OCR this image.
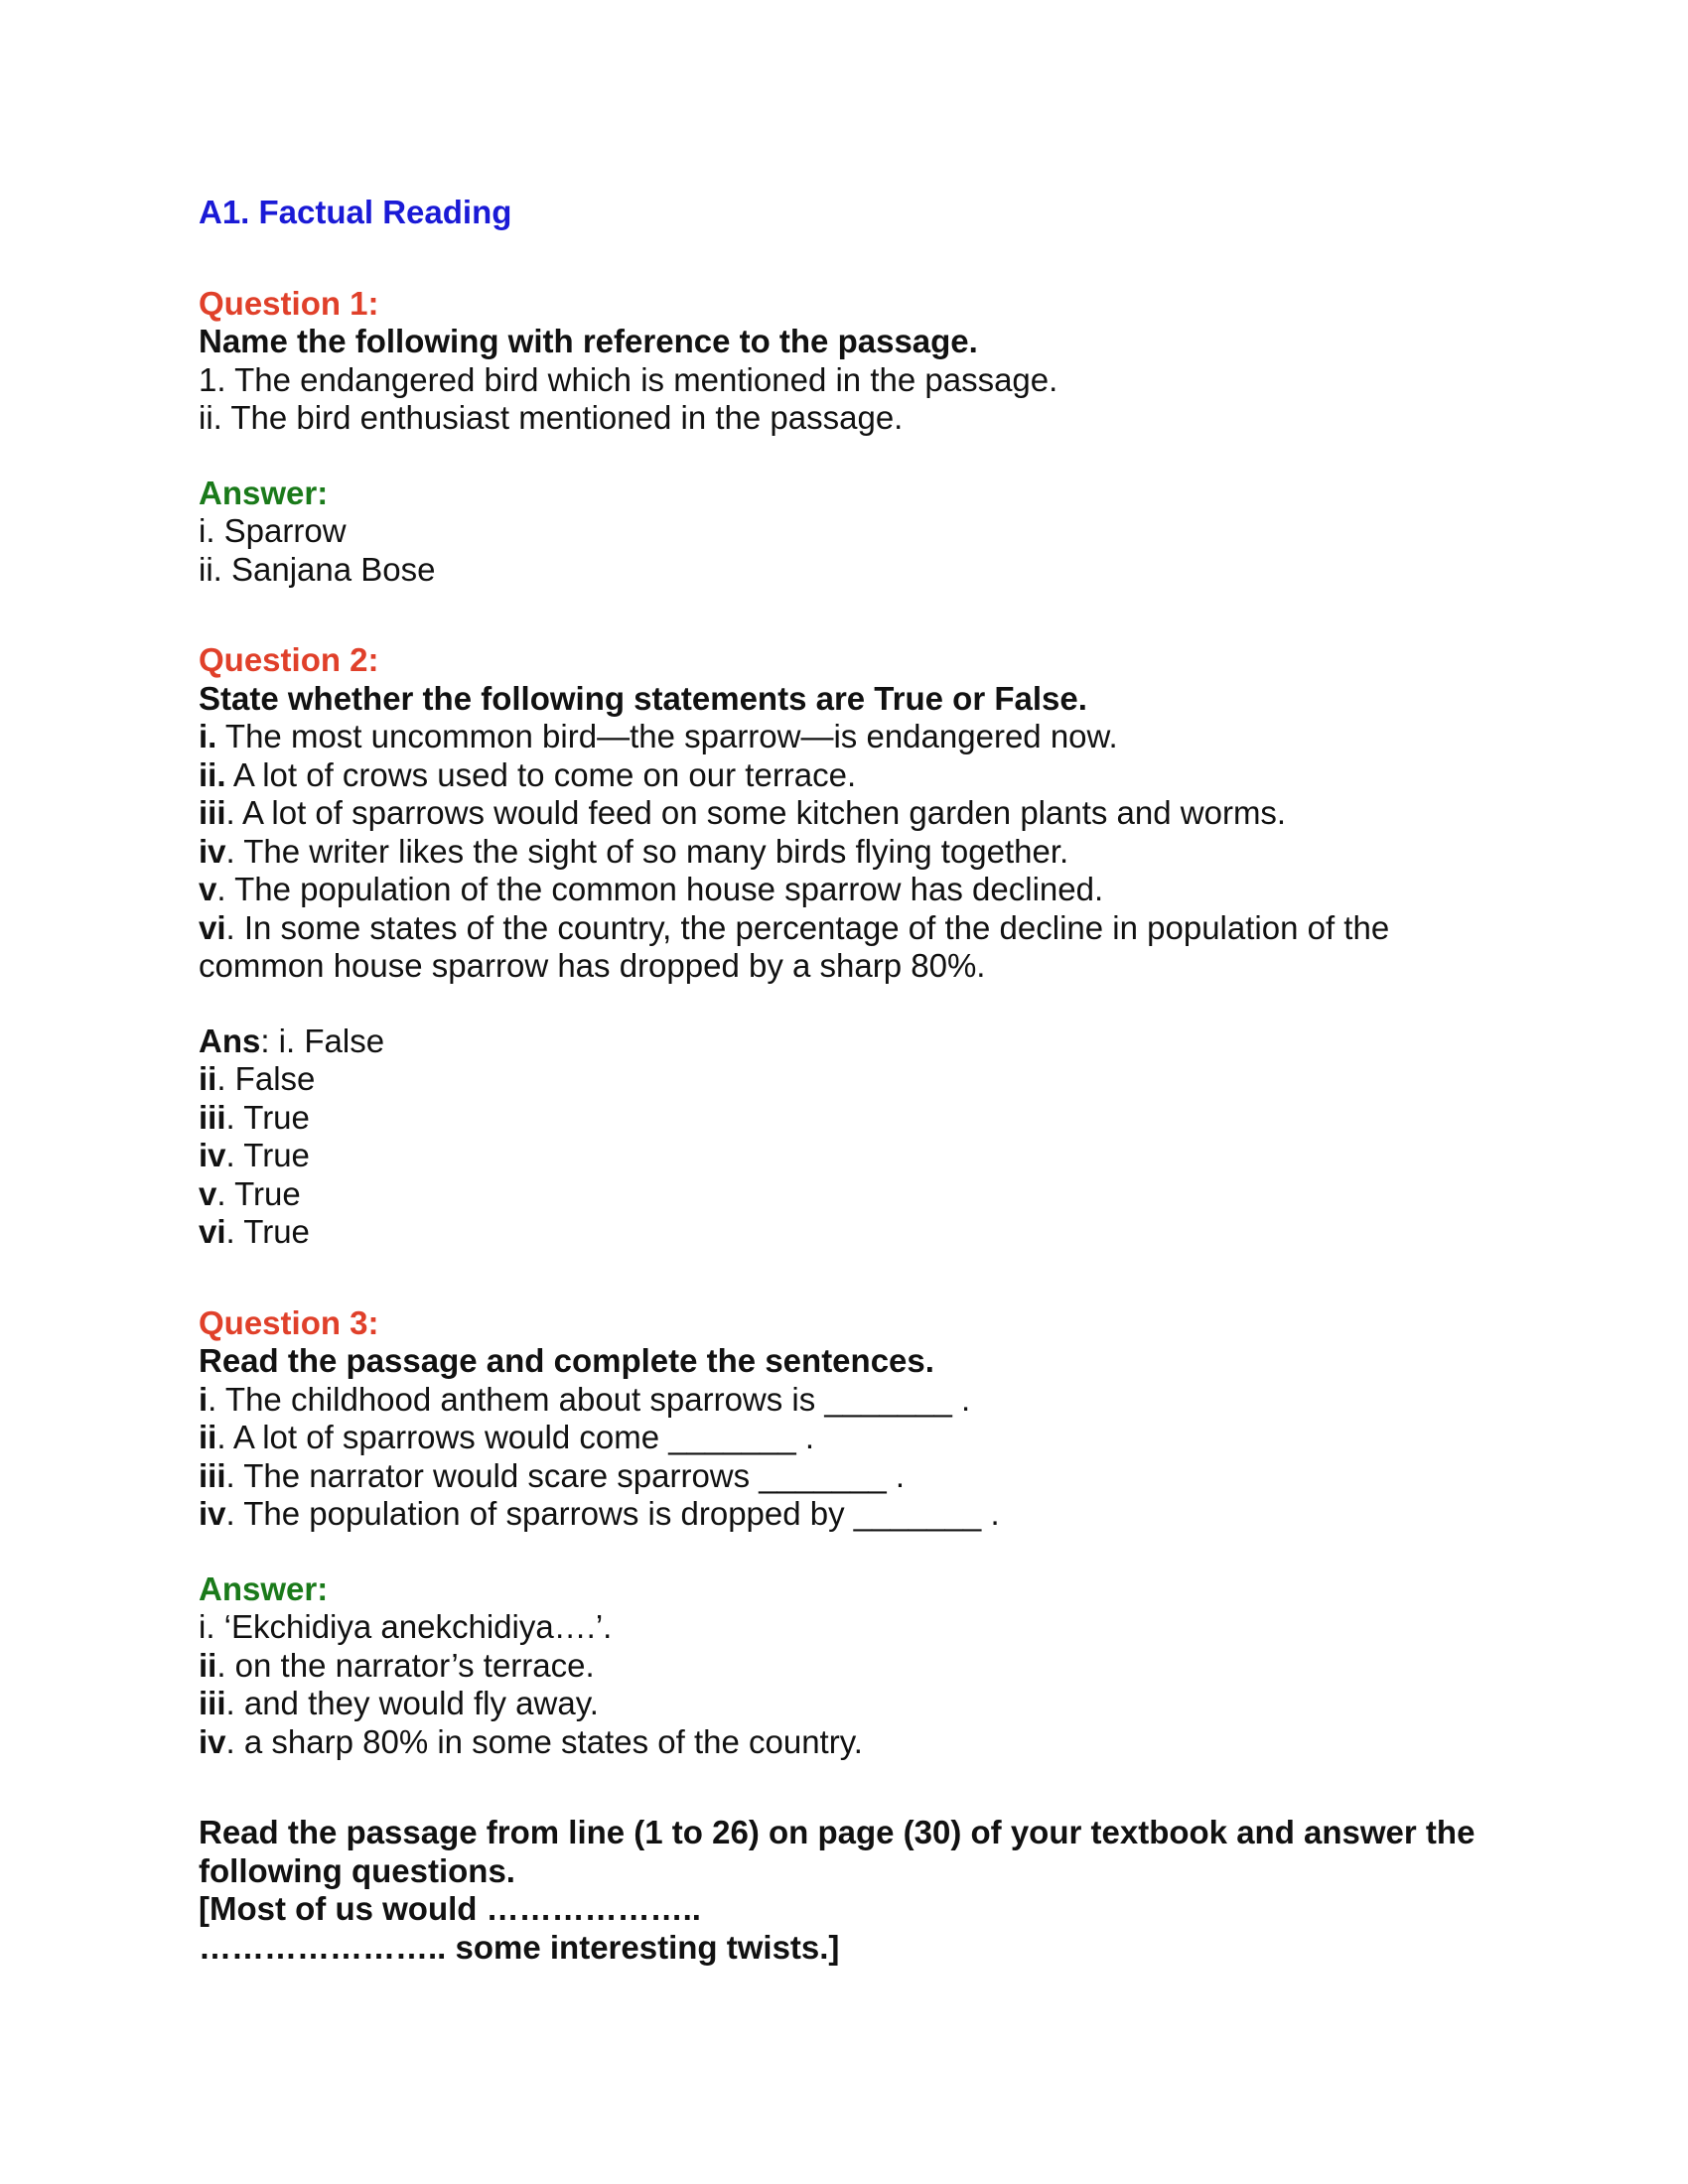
A1. Factual Reading
Question 1:
Name the following with reference to the passage.
1. The endangered bird which is mentioned in the passage.
ii. The bird enthusiast mentioned in the passage.
Answer:
i. Sparrow
ii. Sanjana Bose
Question 2:
State whether the following statements are True or False.
i. The most uncommon bird—the sparrow—is endangered now.
ii. A lot of crows used to come on our terrace.
iii. A lot of sparrows would feed on some kitchen garden plants and worms.
iv. The writer likes the sight of so many birds flying together.
v. The population of the common house sparrow has declined.
vi. In some states of the country, the percentage of the decline in population of the common house sparrow has dropped by a sharp 80%.
Ans: i. False
ii. False
iii. True
iv. True
v. True
vi. True
Question 3:
Read the passage and complete the sentences.
i. The childhood anthem about sparrows is _______ .
ii. A lot of sparrows would come _______ .
iii. The narrator would scare sparrows _______ .
iv. The population of sparrows is dropped by _______ .
Answer:
i. ‘Ekchidiya anekchidiya….’.
ii. on the narrator’s terrace.
iii. and they would fly away.
iv. a sharp 80% in some states of the country.
Read the passage from line (1 to 26) on page (30) of your textbook and answer the
following questions.
[Most of us would ………………..
………………….. some interesting twists.]
